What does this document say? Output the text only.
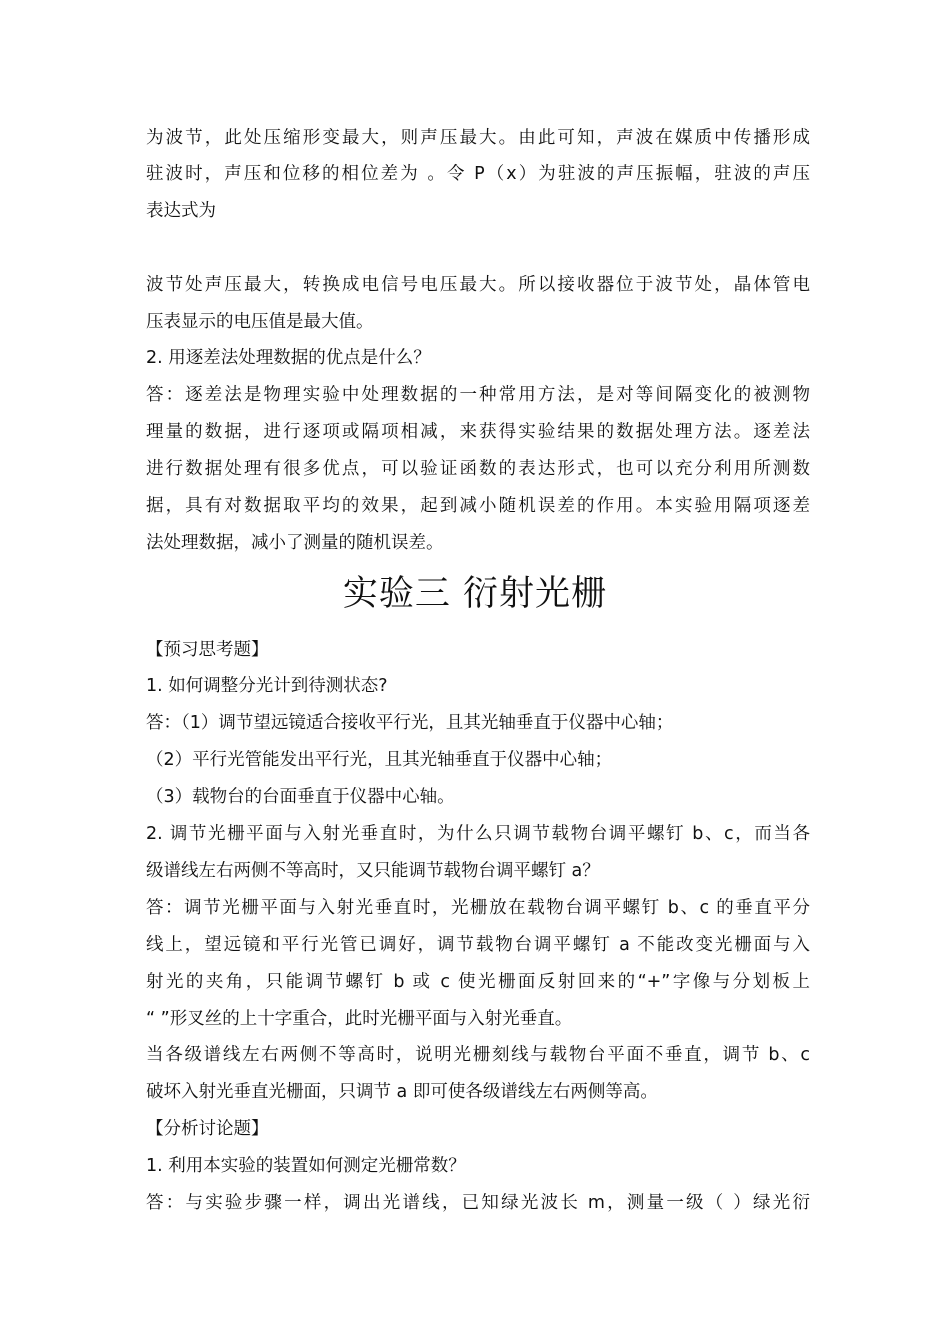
为波节，此处压缩形变最大，则声压最大。由此可知，声波在媒质中传播形成
驻波时，声压和位移的相位差为 。令 P（x）为驻波的声压振幅，驻波的声压
表达式为
波节处声压最大，转换成电信号电压最大。所以接收器位于波节处，晶体管电
压表显示的电压值是最大值。
2. 用逐差法处理数据的优点是什么？
答：逐差法是物理实验中处理数据的一种常用方法，是对等间隔变化的被测物
理量的数据，进行逐项或隔项相减，来获得实验结果的数据处理方法。逐差法
进行数据处理有很多优点，可以验证函数的表达形式，也可以充分利用所测数
据，具有对数据取平均的效果，起到减小随机误差的作用。本实验用隔项逐差
法处理数据，减小了测量的随机误差。
实验三 衍射光栅
【预习思考题】
1. 如何调整分光计到待测状态?
答：（1）调节望远镜适合接收平行光，且其光轴垂直于仪器中心轴；
（2）平行光管能发出平行光，且其光轴垂直于仪器中心轴；
（3）载物台的台面垂直于仪器中心轴。
2. 调节光栅平面与入射光垂直时，为什么只调节载物台调平螺钉 b、c，而当各
级谱线左右两侧不等高时，又只能调节载物台调平螺钉 a？
答：调节光栅平面与入射光垂直时，光栅放在载物台调平螺钉 b、c 的垂直平分
线上，望远镜和平行光管已调好，调节载物台调平螺钉 a 不能改变光栅面与入
射光的夹角，只能调节螺钉 b 或 c 使光栅面反射回来的“+”字像与分划板上
“ ”形叉丝的上十字重合，此时光栅平面与入射光垂直。
当各级谱线左右两侧不等高时，说明光栅刻线与载物台平面不垂直，调节 b、c
破坏入射光垂直光栅面，只调节 a 即可使各级谱线左右两侧等高。
【分析讨论题】
1. 利用本实验的装置如何测定光栅常数？
答：与实验步骤一样，调出光谱线，已知绿光波长 m，测量一级（ ）绿光衍
